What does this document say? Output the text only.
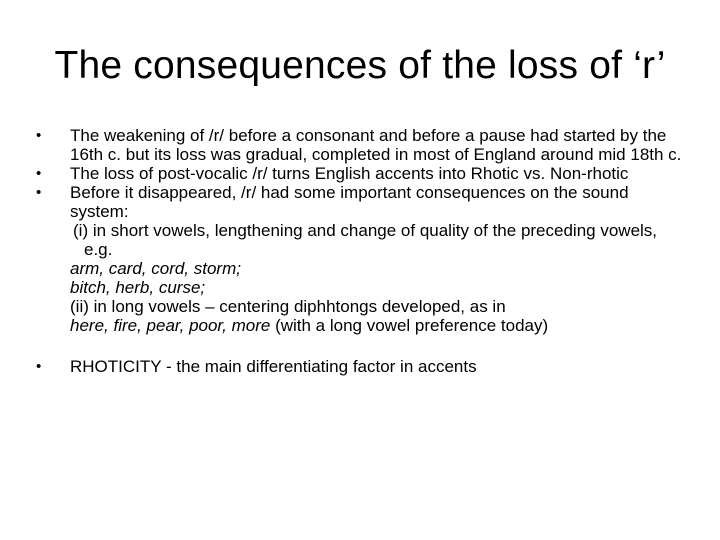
The consequences of the loss of ‘r’
•	The weakening of /r/ before a consonant and before a pause had started by the 16th c. but its loss was gradual, completed in most of England around mid 18th c.
•	The loss of post-vocalic /r/ turns English accents into Rhotic vs. Non-rhotic
•	Before it disappeared, /r/ had some important consequences on the sound system:
(i) in short vowels, lengthening and change of quality of the preceding vowels, e.g.
arm, card, cord, storm;
bitch, herb, curse;
(ii) in long vowels – centering diphhtongs developed, as in
here, fire, pear, poor, more (with a long vowel preference today)
•	RHOTICITY - the main differentiating factor in accents
